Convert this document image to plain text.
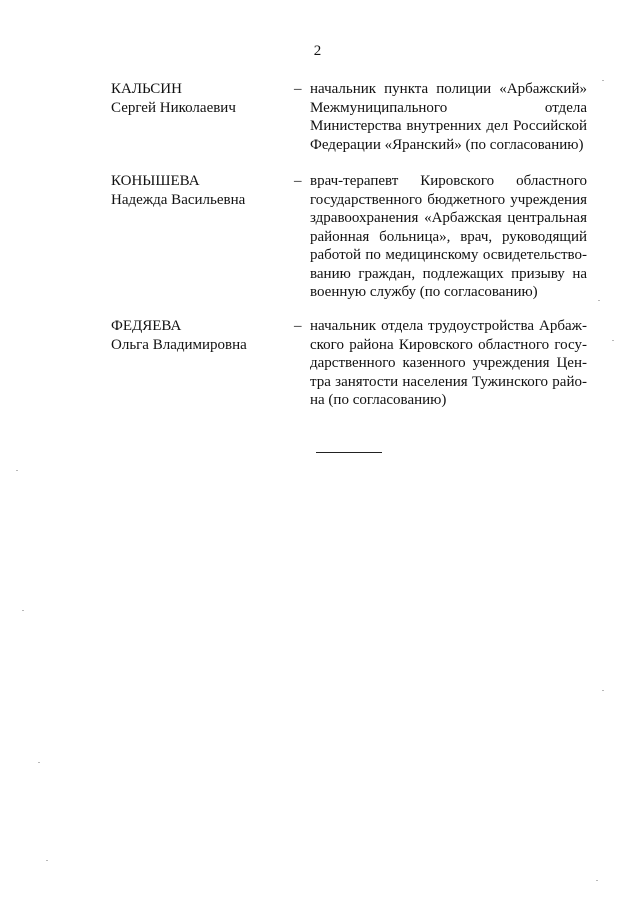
2
КАЛЬСИН
Сергей Николаевич
– начальник пункта полиции «Арбажский» Межмуниципального отдела Министерства внутренних дел Российской Федерации «Яранский» (по согласованию)
КОНЫШЕВА
Надежда Васильевна
– врач-терапевт Кировского областного государственного бюджетного учреждения здравоохранения «Арбажская центральная районная больница», врач, руководящий работой по медицинскому освидетельствованию граждан, подлежащих призыву на военную службу (по согласованию)
ФЕДЯЕВА
Ольга Владимировна
– начальник отдела трудоустройства Арбажского района Кировского областного государственного казенного учреждения Центра занятости населения Тужинского района (по согласованию)
